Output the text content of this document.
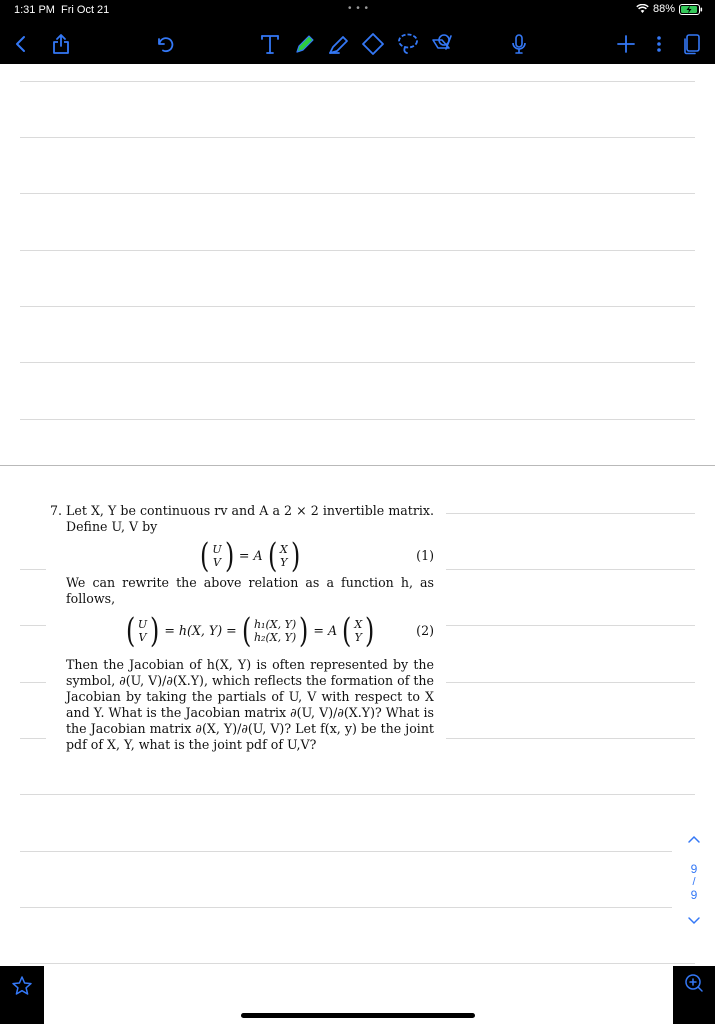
1:31 PM Fri Oct 21	• • •	88%
7. Let X, Y be continuous rv and A a 2 × 2 invertible matrix. Define U, V by

( U
V ) = A ( X
Y )	(1)

We can rewrite the above relation as a function h, as follows,

( U
V ) = h(X, Y) = ( h₁(X, Y)
h₂(X, Y) ) = A ( X
Y )	(2)

Then the Jacobian of h(X, Y) is often represented by the symbol, ∂(U, V)/∂(X.Y), which reflects the formation of the Jacobian by taking the partials of U, V with respect to X and Y. What is the Jacobian matrix ∂(U, V)/∂(X.Y)? What is the Jacobian matrix ∂(X, Y)/∂(U, V)? Let f(x, y) be the joint pdf of X, Y, what is the joint pdf of U,V?

9
/
9
